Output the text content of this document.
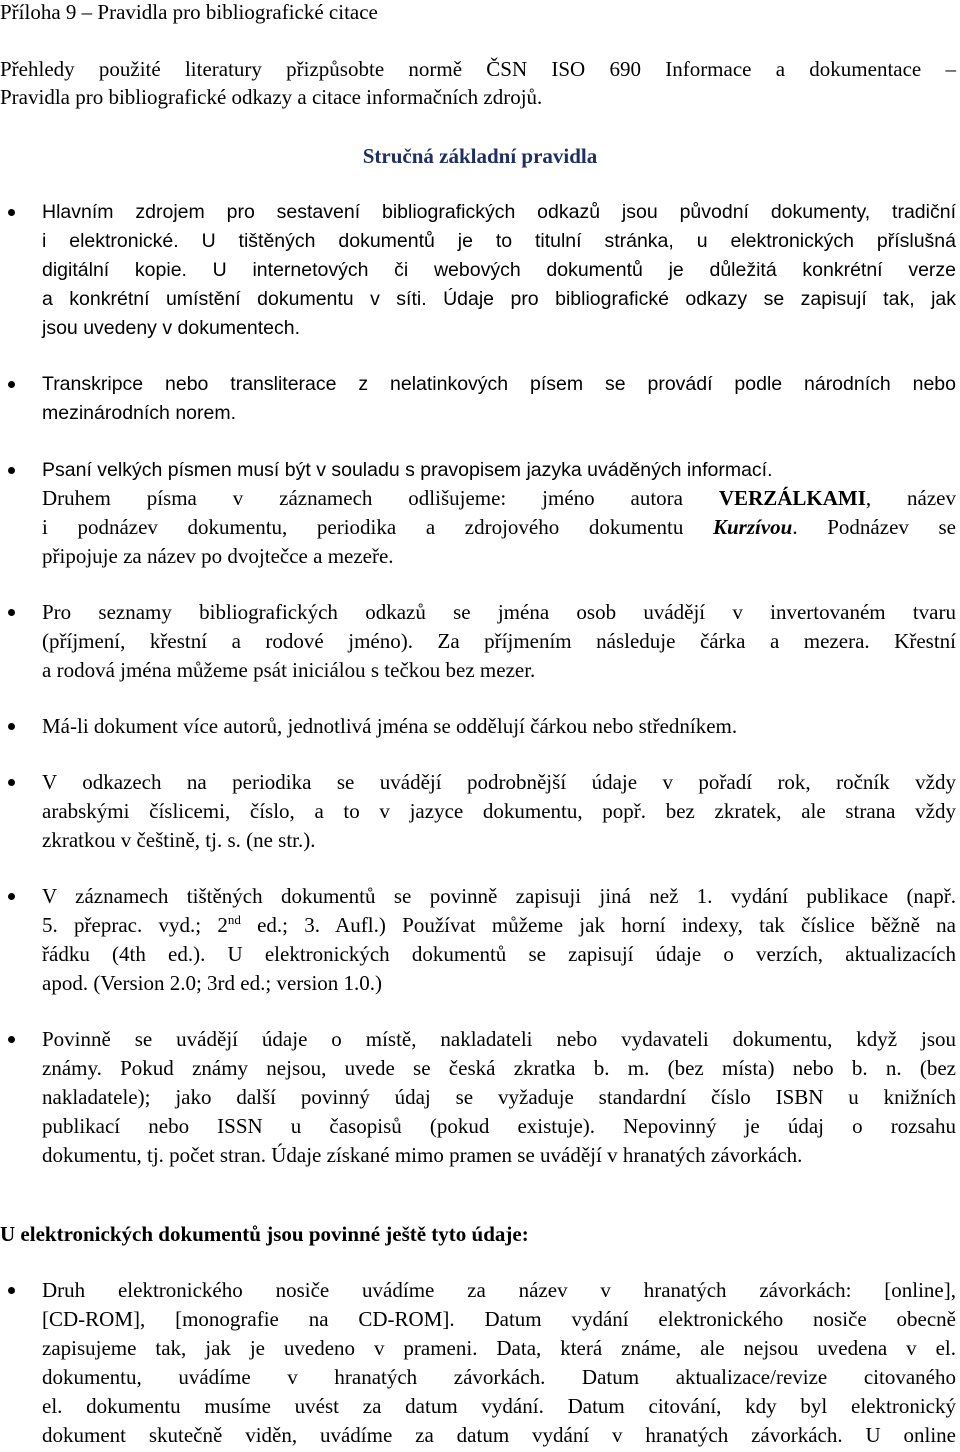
Příloha 9 – Pravidla pro bibliografické citace
Přehledy použité literatury přizpůsobte normě ČSN ISO 690 Informace a dokumentace –
Pravidla pro bibliografické odkazy a citace informačních zdrojů.
Stručná základní pravidla
Hlavním zdrojem pro sestavení bibliografických odkazů jsou původní dokumenty, tradiční
i elektronické. U tištěných dokumentů je to titulní stránka, u elektronických příslušná
digitální kopie. U internetových či webových dokumentů je důležitá konkrétní verze
a konkrétní umístění dokumentu v síti. Údaje pro bibliografické odkazy se zapisují tak, jak
jsou uvedeny v dokumentech.
Transkripce nebo transliterace z nelatinkových písem se provádí podle národních nebo
mezinárodních norem.
Psaní velkých písmen musí být v souladu s pravopisem jazyka uváděných informací.
Druhem písma v záznamech odlišujeme: jméno autora VERZÁLKAMI, název
i podnázev dokumentu, periodika a zdrojového dokumentu Kurzívou. Podnázev se
připojuje za název po dvojtečce a mezeře.
Pro seznamy bibliografických odkazů se jména osob uvádějí v invertovaném tvaru
(příjmení, křestní a rodové jméno). Za příjmením následuje čárka a mezera. Křestní
a rodová jména můžeme psát iniciálou s tečkou bez mezer.
Má-li dokument více autorů, jednotlivá jména se oddělují čárkou nebo středníkem.
V odkazech na periodika se uvádějí podrobnější údaje v pořadí rok, ročník vždy
arabskými číslicemi, číslo, a to v jazyce dokumentu, popř. bez zkratek, ale strana vždy
zkratkou v češtině, tj. s. (ne str.).
V záznamech tištěných dokumentů se povinně zapisuji jiná než 1. vydání publikace (např.
5. přeprac. vyd.; 2nd ed.; 3. Aufl.) Používat můžeme jak horní indexy, tak číslice běžně na
řádku (4th ed.). U elektronických dokumentů se zapisují údaje o verzích, aktualizacích
apod. (Version 2.0; 3rd ed.; version 1.0.)
Povinně se uvádějí údaje o místě, nakladateli nebo vydavateli dokumentu, když jsou
známy. Pokud známy nejsou, uvede se česká zkratka b. m. (bez místa) nebo b. n. (bez
nakladatele); jako další povinný údaj se vyžaduje standardní číslo ISBN u knižních
publikací nebo ISSN u časopisů (pokud existuje). Nepovinný je údaj o rozsahu
dokumentu, tj. počet stran. Údaje získané mimo pramen se uvádějí v hranatých závorkách.
U elektronických dokumentů jsou povinné ještě tyto údaje:
Druh elektronického nosiče uvádíme za název v hranatých závorkách: [online],
[CD-ROM], [monografie na CD-ROM]. Datum vydání elektronického nosiče obecně
zapisujeme tak, jak je uvedeno v prameni. Data, která známe, ale nejsou uvedena v el.
dokumentu, uvádíme v hranatých závorkách. Datum aktualizace/revize citovaného
el. dokumentu musíme uvést za datum vydání. Datum citování, kdy byl elektronický
dokument skutečně viděn, uvádíme za datum vydání v hranatých závorkách. U online
